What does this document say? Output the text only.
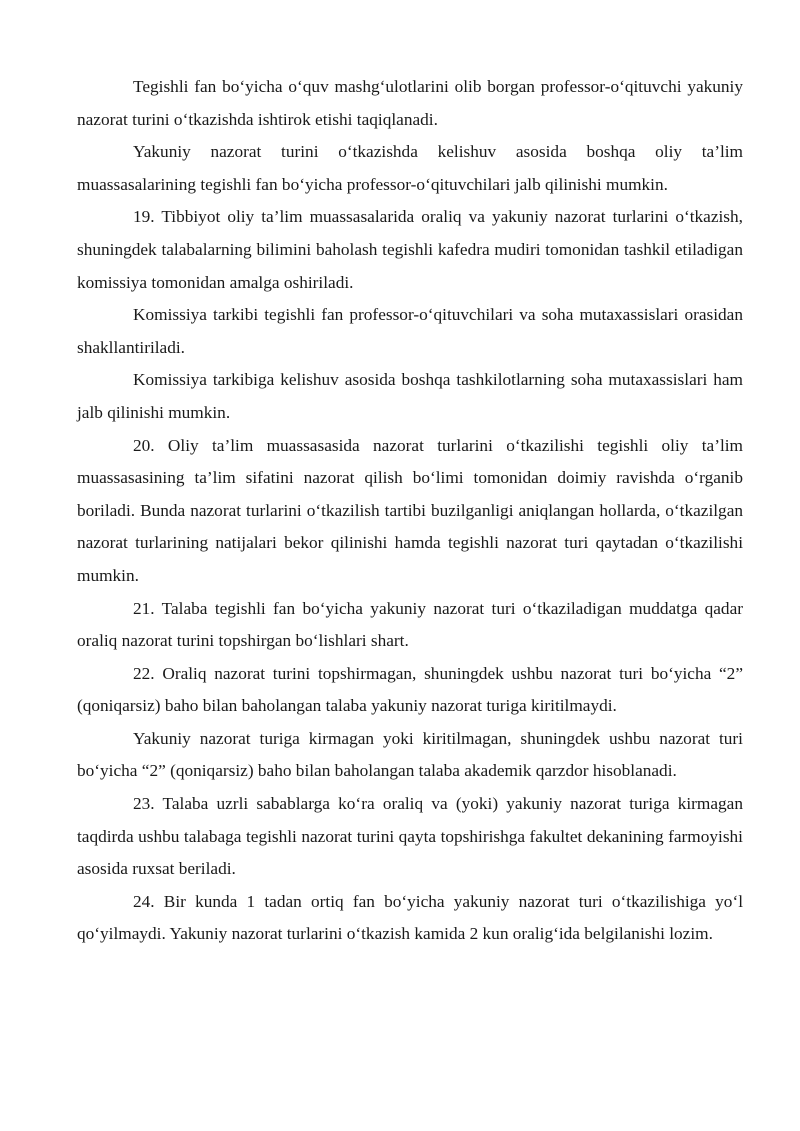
Tegishli fan bo‘yicha o‘quv mashg‘ulotlarini olib borgan professor-o‘qituvchi yakuniy nazorat turini o‘tkazishda ishtirok etishi taqiqlanadi.

Yakuniy nazorat turini o‘tkazishda kelishuv asosida boshqa oliy ta’lim muassasalarining tegishli fan bo‘yicha professor-o‘qituvchilari jalb qilinishi mumkin.

19. Tibbiyot oliy ta’lim muassasalarida oraliq va yakuniy nazorat turlarini o‘tkazish, shuningdek talabalarning bilimini baholash tegishli kafedra mudiri tomonidan tashkil etiladigan komissiya tomonidan amalga oshiriladi.

Komissiya tarkibi tegishli fan professor-o‘qituvchilari va soha mutaxassislari orasidan shakllantiriladi.

Komissiya tarkibiga kelishuv asosida boshqa tashkilotlarning soha mutaxassislari ham jalb qilinishi mumkin.

20. Oliy ta’lim muassasasida nazorat turlarini o‘tkazilishi tegishli oliy ta’lim muassasasining ta’lim sifatini nazorat qilish bo‘limi tomonidan doimiy ravishda o‘rganib boriladi. Bunda nazorat turlarini o‘tkazilish tartibi buzilganligi aniqlangan hollarda, o‘tkazilgan nazorat turlarining natijalari bekor qilinishi hamda tegishli nazorat turi qaytadan o‘tkazilishi mumkin.

21. Talaba tegishli fan bo‘yicha yakuniy nazorat turi o‘tkaziladigan muddatga qadar oraliq nazorat turini topshirgan bo‘lishlari shart.

22. Oraliq nazorat turini topshirmagan, shuningdek ushbu nazorat turi bo‘yicha “2” (qoniqarsiz) baho bilan baholangan talaba yakuniy nazorat turiga kiritilmaydi.

Yakuniy nazorat turiga kirmagan yoki kiritilmagan, shuningdek ushbu nazorat turi bo‘yicha “2” (qoniqarsiz) baho bilan baholangan talaba akademik qarzdor hisoblanadi.

23. Talaba uzrli sabablarga ko‘ra oraliq va (yoki) yakuniy nazorat turiga kirmagan taqdirda ushbu talabaga tegishli nazorat turini qayta topshirishga fakultet dekanining farmoyishi asosida ruxsat beriladi.

24. Bir kunda 1 tadan ortiq fan bo‘yicha yakuniy nazorat turi o‘tkazilishiga yo‘l qo‘yilmaydi. Yakuniy nazorat turlarini o‘tkazish kamida 2 kun oralig‘ida belgilanishi lozim.
